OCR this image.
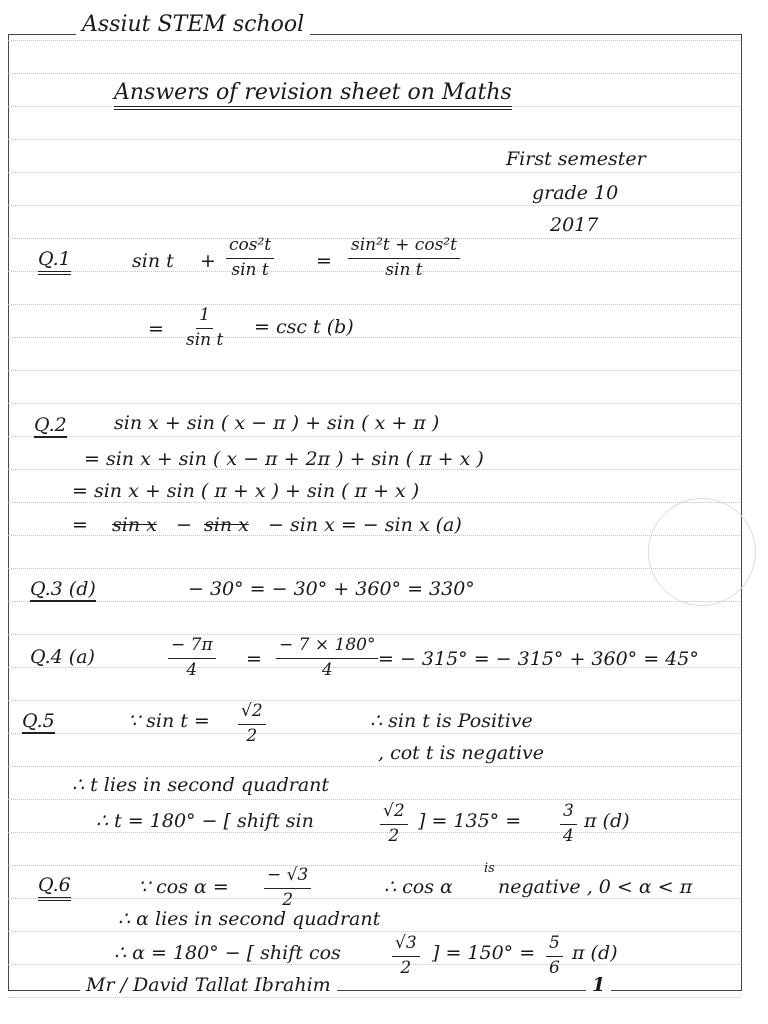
Assiut STEM school
Answers of revision sheet on Maths
First semester
grade 10
2017
Q.1	$\sin t + \frac{\text{cos²t}}{\text{sin t}} = \frac{\text{sin²t + cos²t}}{\text{sin t}}$
= $\frac{1}{\text{sin t}} = \csc t$ (b)
Q.2 sin x + sin ( x − π ) + sin ( x + π )
= sin x + sin ( x − π + 2π ) + sin ( π + x )
= sin x + sin ( π + x ) + sin ( π + x )
= sin x − sin x − sin x = − sin x (a)
Q.3 (d)	− 30° = − 30° + 360° = 330°
Q.4 (a)	$\frac{- 7\pi}{4} = \frac{- 7 \times 180^\circ}{4}$ = − 315° = − 315° + 360° = 45°
Q.5	∵ $\sin t = \frac{√2}{2}$	∴ sin t is Positive
, cot t is negative
∴ t lies in second quadrant
∴ t = 180° − [ shift sin	$\frac{√2}{2}$ ] = $135^\circ = \frac{3}{4}$ π (d)
Q.6	∵ $\cos \alpha = \frac{- √3}{2}$	∴ cos α
is
negative , 0 < α < π
∴ α lies in second quadrant
∴ α = 180° − [ shift cos	$\frac{√3}{2}$ ] = $150^\circ = \frac{5}{6}$ π (d)
Mr / David Tallat Ibrahim	1
